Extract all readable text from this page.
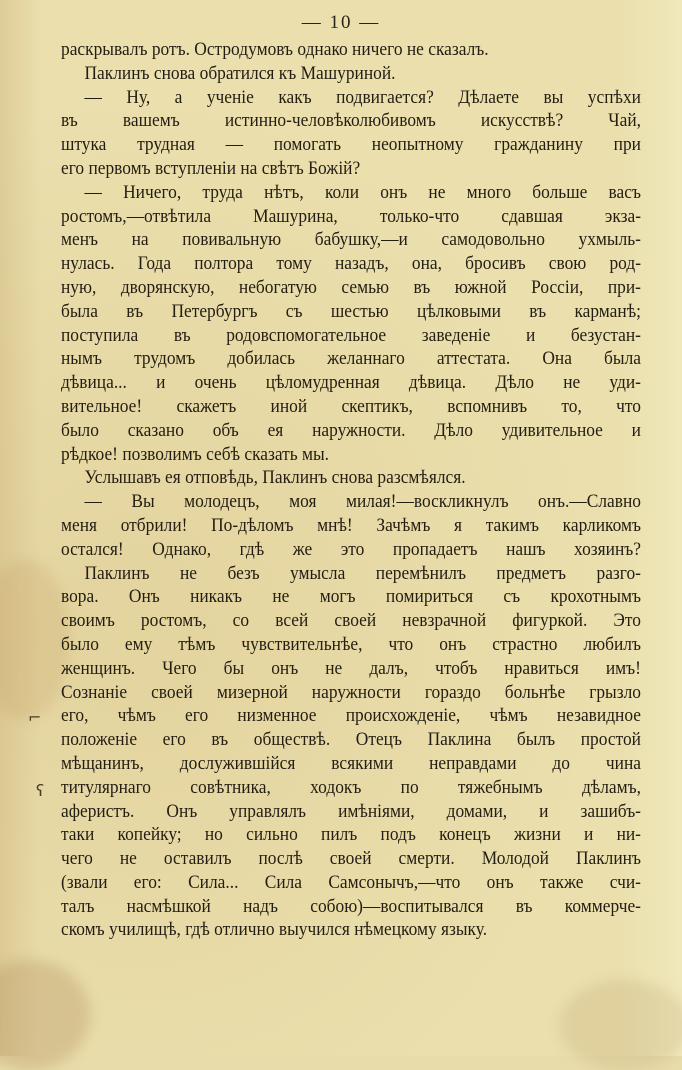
— 10 —
раскрывалъ ротъ. Остродумовъ однако ничего не сказалъ.
Паклинъ снова обратился къ Машуриной.
— Ну, а ученіе какъ подвигается? Дѣлаете вы успѣхи
въ вашемъ истинно-человѣколюбивомъ искусствѣ? Чай,
штука трудная — помогать неопытному гражданину при
его первомъ вступленіи на свѣтъ Божій?
— Ничего, труда нѣтъ, коли онъ не много больше васъ
ростомъ,—отвѣтила Машурина, только-что сдавшая экза-
менъ на повивальную бабушку,—и самодовольно ухмыль-
нулась. Года полтора тому назадъ, она, бросивъ свою род-
ную, дворянскую, небогатую семью въ южной Россіи, при-
была въ Петербургъ съ шестью цѣлковыми въ карманѣ;
поступила въ родовспомогательное заведеніе и безустан-
нымъ трудомъ добилась желаннаго аттестата. Она была
дѣвица... и очень цѣломудренная дѣвица. Дѣло не уди-
вительное! скажетъ иной скептикъ, вспомнивъ то, что
было сказано объ ея наружности. Дѣло удивительное и
рѣдкое! позволимъ себѣ сказать мы.
Услышавъ ея отповѣдь, Паклинъ снова разсмѣялся.
— Вы молодецъ, моя милая!—воскликнулъ онъ.—Славно
меня отбрили! По-дѣломъ мнѣ! Зачѣмъ я такимъ карликомъ
остался! Однако, гдѣ же это пропадаетъ нашъ хозяинъ?
Паклинъ не безъ умысла перемѣнилъ предметъ разго-
вора. Онъ никакъ не могъ помириться съ крохотнымъ
своимъ ростомъ, со всей своей невзрачной фигуркой. Это
было ему тѣмъ чувствительнѣе, что онъ страстно любилъ
женщинъ. Чего бы онъ не далъ, чтобъ нравиться имъ!
Сознаніе своей мизерной наружности гораздо больнѣе грызло
его, чѣмъ его низменное происхожденіе, чѣмъ незавидное
положеніе его въ обществѣ. Отецъ Паклина былъ простой
мѣщанинъ, дослужившійся всякими неправдами до чина
титулярнаго совѣтника, ходокъ по тяжебнымъ дѣламъ,
аферистъ. Онъ управлялъ имѣніями, домами, и зашибъ-
таки копейку; но сильно пилъ подъ конецъ жизни и ни-
чего не оставилъ послѣ своей смерти. Молодой Паклинъ
(звали его: Сила... Сила Самсонычъ,—что онъ также счи-
талъ насмѣшкой надъ собою)—воспитывался въ коммерче-
скомъ училищѣ, гдѣ отлично выучился нѣмецкому языку.
⌐
ʕ
